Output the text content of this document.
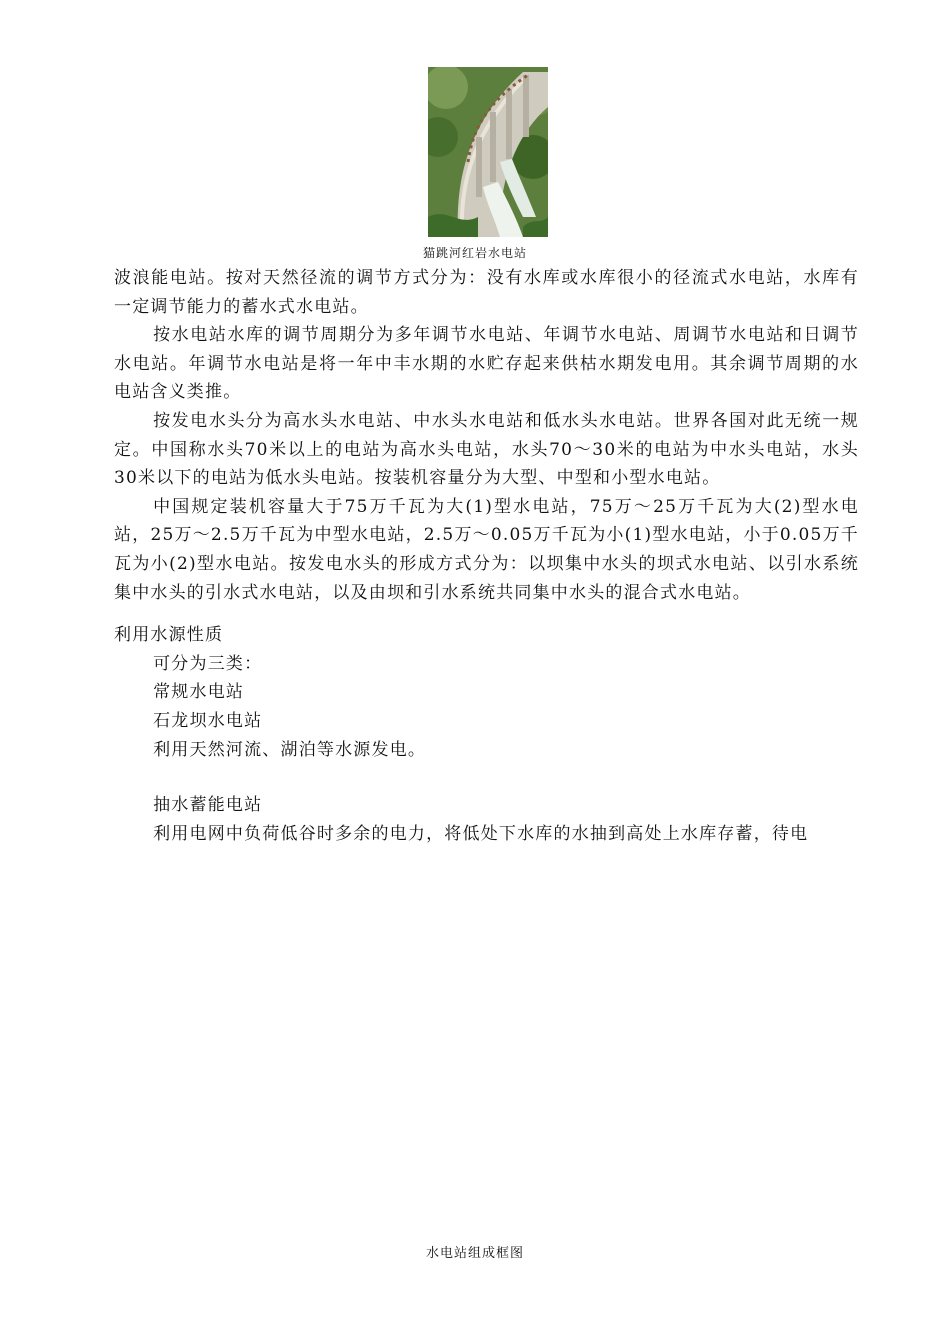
猫跳河红岩水电站

波浪能电站。按对天然径流的调节方式分为：没有水库或水库很小的径流式水电站，水库有一定调节能力的蓄水式水电站。

按水电站水库的调节周期分为多年调节水电站、年调节水电站、周调节水电站和日调节水电站。年调节水电站是将一年中丰水期的水贮存起来供枯水期发电用。其余调节周期的水电站含义类推。

按发电水头分为高水头水电站、中水头水电站和低水头水电站。世界各国对此无统一规定。中国称水头70米以上的电站为高水头电站，水头70～30米的电站为中水头电站，水头30米以下的电站为低水头电站。按装机容量分为大型、中型和小型水电站。

中国规定装机容量大于75万千瓦为大(1)型水电站，75万～25万千瓦为大(2)型水电站，25万～2.5万千瓦为中型水电站，2.5万～0.05万千瓦为小(1)型水电站，小于0.05万千瓦为小(2)型水电站。按发电水头的形成方式分为：以坝集中水头的坝式水电站、以引水系统集中水头的引水式水电站，以及由坝和引水系统共同集中水头的混合式水电站。

利用水源性质

可分为三类：

常规水电站

石龙坝水电站

利用天然河流、湖泊等水源发电。

抽水蓄能电站

利用电网中负荷低谷时多余的电力，将低处下水库的水抽到高处上水库存蓄，待电

水电站组成框图
